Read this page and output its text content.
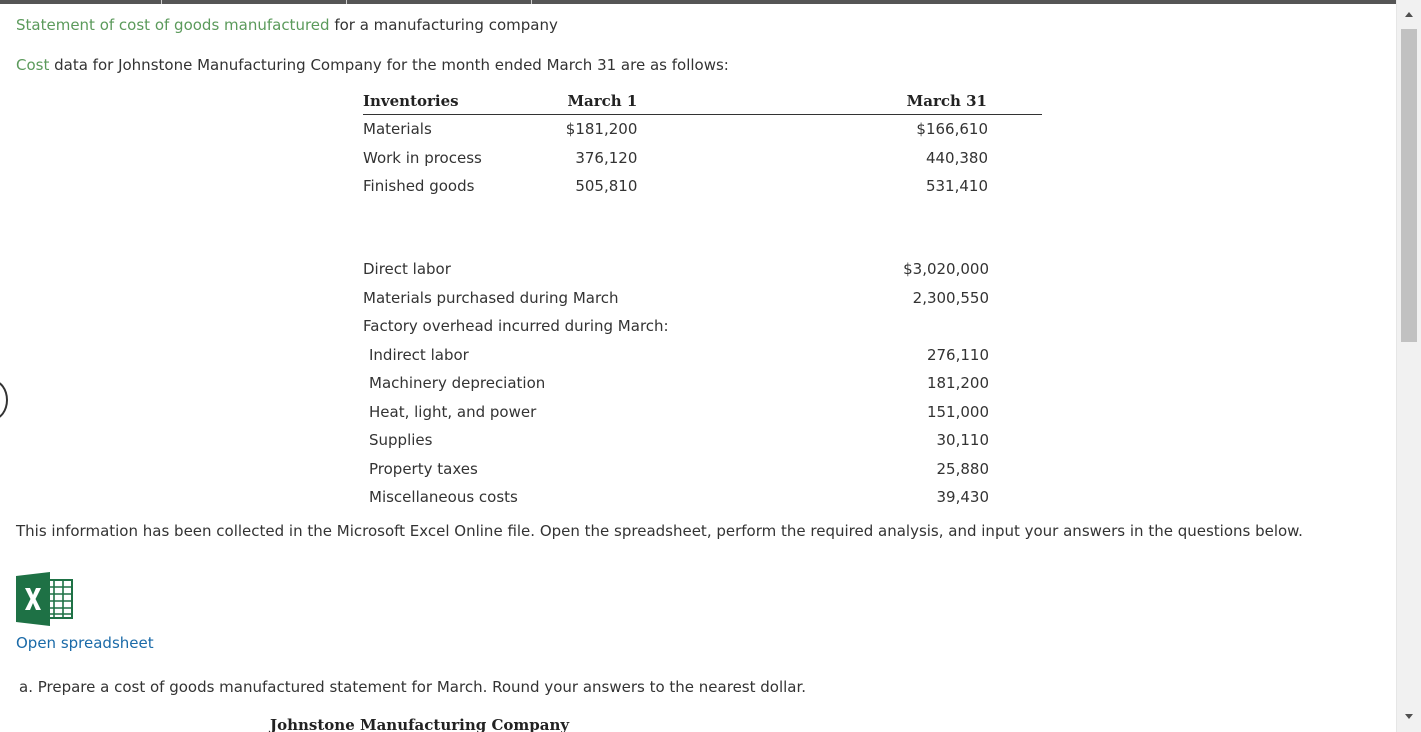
Statement of cost of goods manufactured for a manufacturing company
Cost data for Johnstone Manufacturing Company for the month ended March 31 are as follows:
Inventories	March 1	March 31
Materials	$181,200	$166,610
Work in process	376,120	440,380
Finished goods	505,810	531,410
Direct labor	$3,020,000
Materials purchased during March	2,300,550
Factory overhead incurred during March:	
Indirect labor	276,110
Machinery depreciation	181,200
Heat, light, and power	151,000
Supplies	30,110
Property taxes	25,880
Miscellaneous costs	39,430
This information has been collected in the Microsoft Excel Online file. Open the spreadsheet, perform the required analysis, and input your answers in the questions below.
Open spreadsheet
a. Prepare a cost of goods manufactured statement for March. Round your answers to the nearest dollar.
Johnstone Manufacturing Company
